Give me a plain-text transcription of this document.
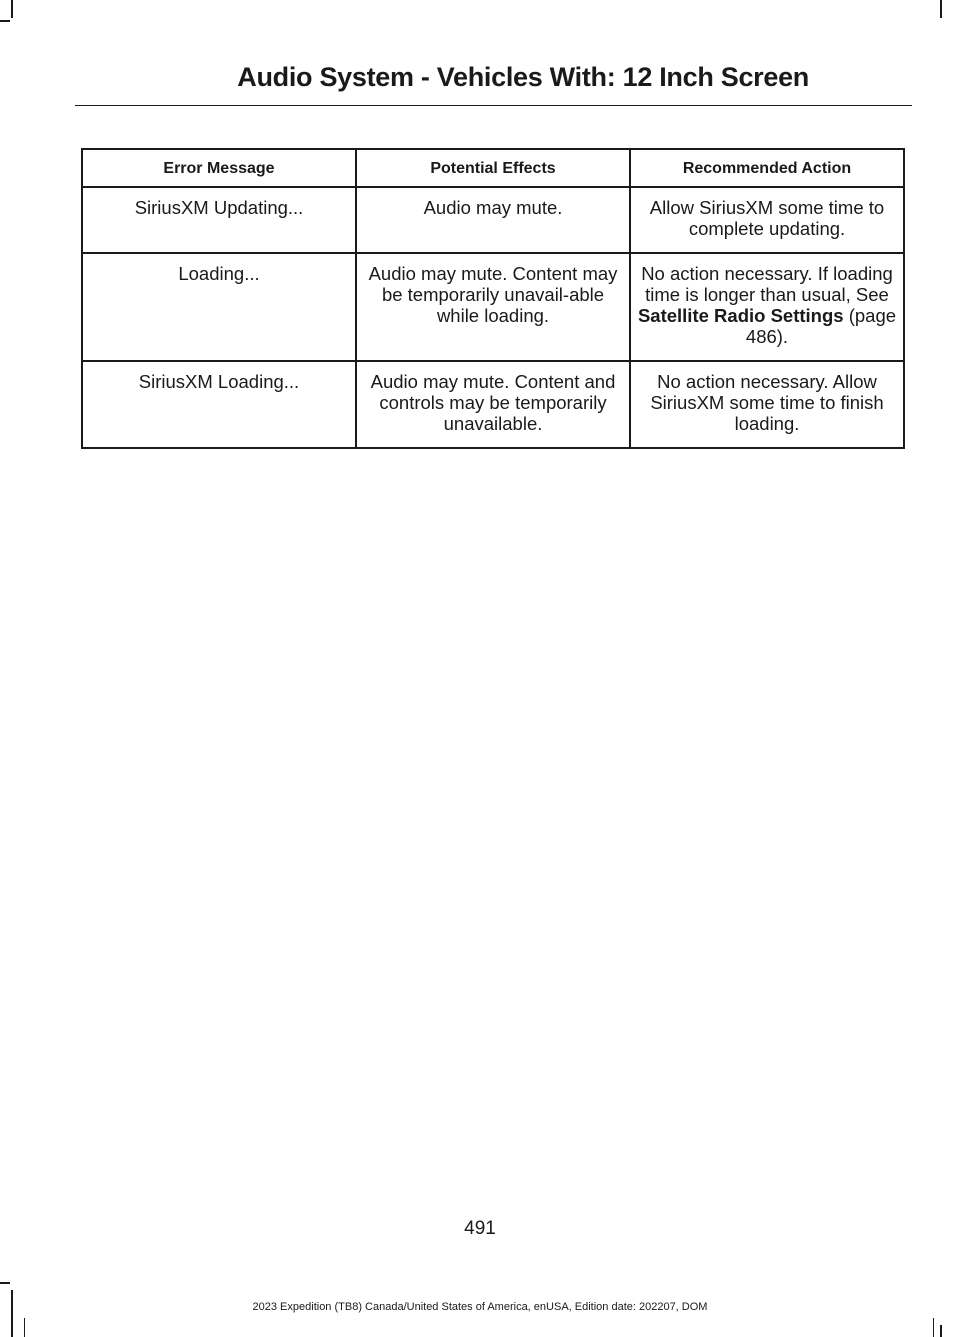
Audio System - Vehicles With: 12 Inch Screen
Error Message	Potential Effects	Recommended Action
SiriusXM Updating...	Audio may mute.	Allow SiriusXM some time to complete updating.
Loading...	Audio may mute. Content may be temporarily unavail-able while loading.	No action necessary. If loading time is longer than usual, See Satellite Radio Settings (page 486).
SiriusXM Loading...	Audio may mute. Content and controls may be temporarily unavailable.	No action necessary. Allow SiriusXM some time to finish loading.
491
2023 Expedition (TB8) Canada/United States of America, enUSA, Edition date: 202207, DOM
